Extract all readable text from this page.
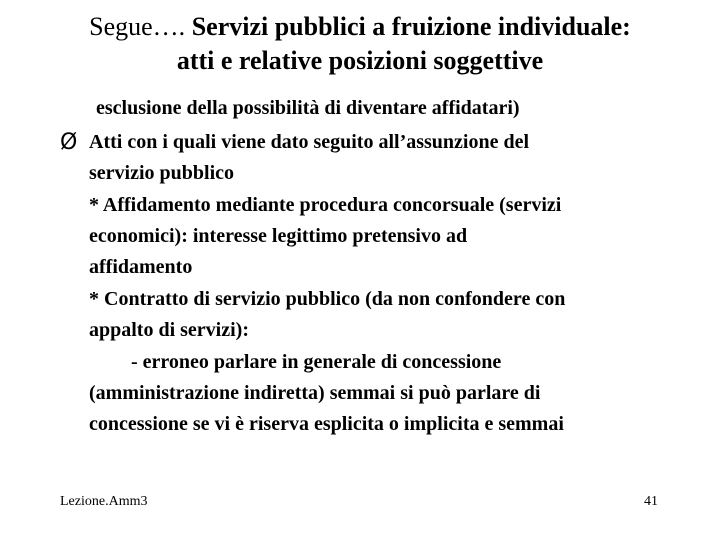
Segue…. Servizi pubblici a fruizione individuale:
atti e relative posizioni soggettive
Ø
esclusione della possibilità di diventare affidatari)
Atti con i quali viene dato seguito all’assunzione del
servizio pubblico
* Affidamento mediante procedura concorsuale (servizi
economici): interesse legittimo pretensivo ad
affidamento
* Contratto di servizio pubblico (da non confondere con
appalto di servizi):
- erroneo parlare in generale di concessione
(amministrazione indiretta) semmai si può parlare di
concessione se vi è riserva esplicita o implicita e semmai
Lezione.Amm3	41
